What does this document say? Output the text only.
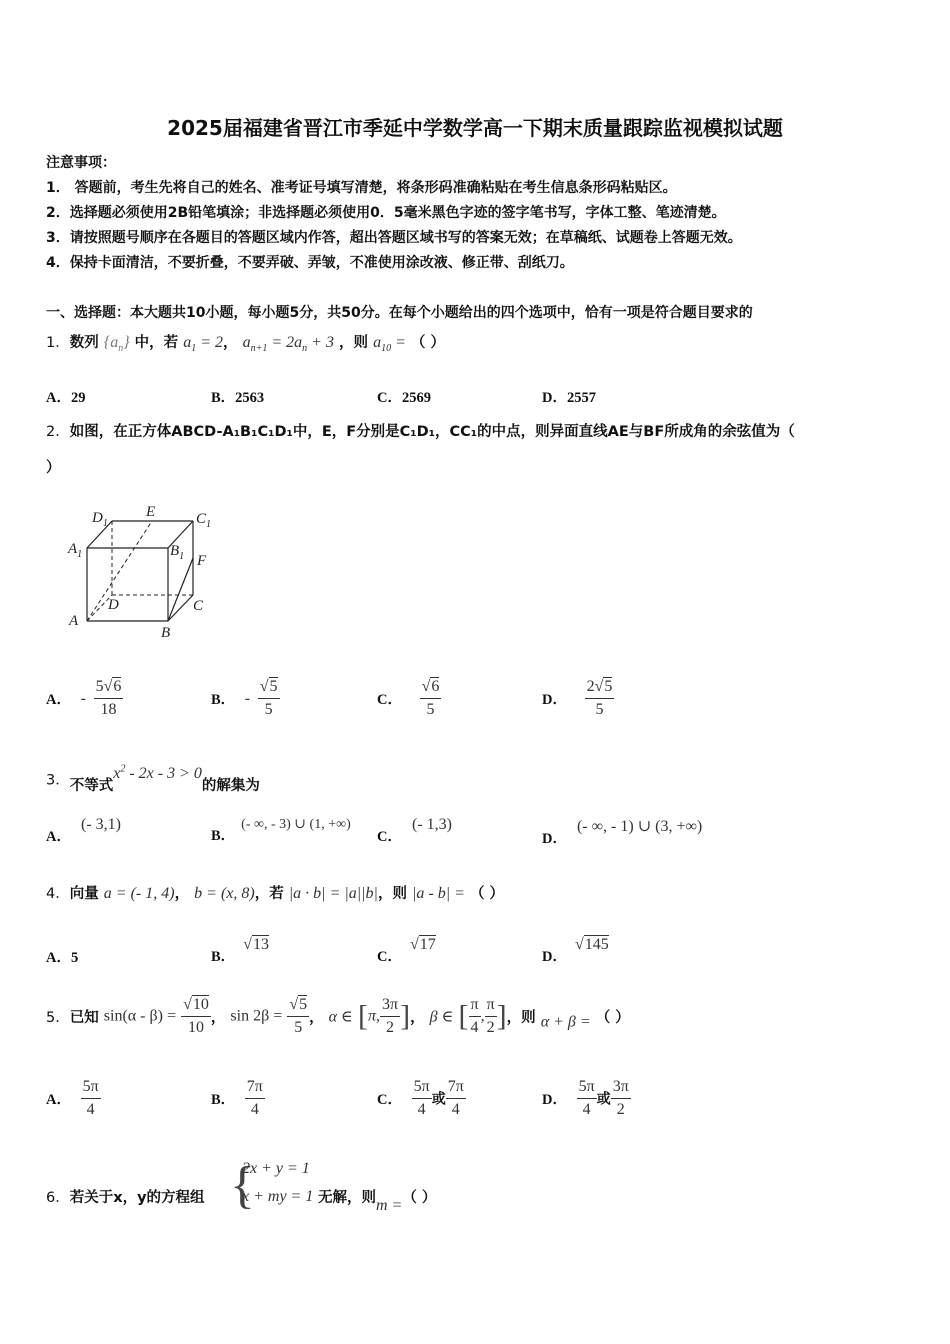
2025届福建省晋江市季延中学数学高一下期末质量跟踪监视模拟试题
注意事项：
1． 答题前，考生先将自己的姓名、准考证号填写清楚，将条形码准确粘贴在考生信息条形码粘贴区。
2．选择题必须使用2B铅笔填涂；非选择题必须使用0．5毫米黑色字迹的签字笔书写，字体工整、笔迹清楚。
3．请按照题号顺序在各题目的答题区域内作答，超出答题区域书写的答案无效；在草稿纸、试题卷上答题无效。
4．保持卡面清洁，不要折叠，不要弄破、弄皱，不准使用涂改液、修正带、刮纸刀。
一、选择题：本大题共10小题，每小题5分，共50分。在每个小题给出的四个选项中，恰有一项是符合题目要求的
1．数列 $\{a_n\}$ 中，若 $a_1 = 2$， $a_{n+1} = 2a_n + 3$ ，则 $a_{10}$ = （ ）
A．29	B．2563	C．2569	D．2557
2．如图，在正方体ABCD-A₁B₁C₁D₁中，E，F分别是C₁D₁，CC₁的中点，则异面直线AE与BF所成角的余弦值为（
）
$D_1$
E	$C_1$
$A_1$	$B_1$ F
D	C
A
B
A． - $\frac{5√6}{18}$	B． - $\frac{√5}{5}$	C． $\frac{√6}{5}$	D． $\frac{2√5}{5}$
3．不等式$x^2 - 2x - 3 > 0$的解集为
A．(- 3,1)
B．(- ∞, - 3) ∪ (1, +∞)
C．(- 1,3)
D．(- ∞, - 1) ∪ (3, +∞)
4．向量 a = (- 1, 4)， b = (x, 8)，若 |a · b| = |a||b|，则 |a - b| = （ ）
A．5	B．√13
C．√17
D．√145
5．已知 $\sin(\alpha - \beta) = \frac{√10}{10}$ ， $\sin 2\beta = \frac{√5}{5}$ ， α ∈ [π, $\frac{3\pi}{2}$ ]， β ∈ [ $\frac{\pi}{4}$ , $\frac{\pi}{2}$ ]，则 α + β = （ ）
A． $\frac{5\pi}{4}$	B． $\frac{7\pi}{4}$	C． $\frac{5\pi}{4}$ 或 $\frac{7\pi}{4}$	D． $\frac{5\pi}{4}$ 或 $\frac{3\pi}{2}$
6．若关于x，y的方程组 {
2x + y = 1
x + my = 1 无解，则m =（ ）
